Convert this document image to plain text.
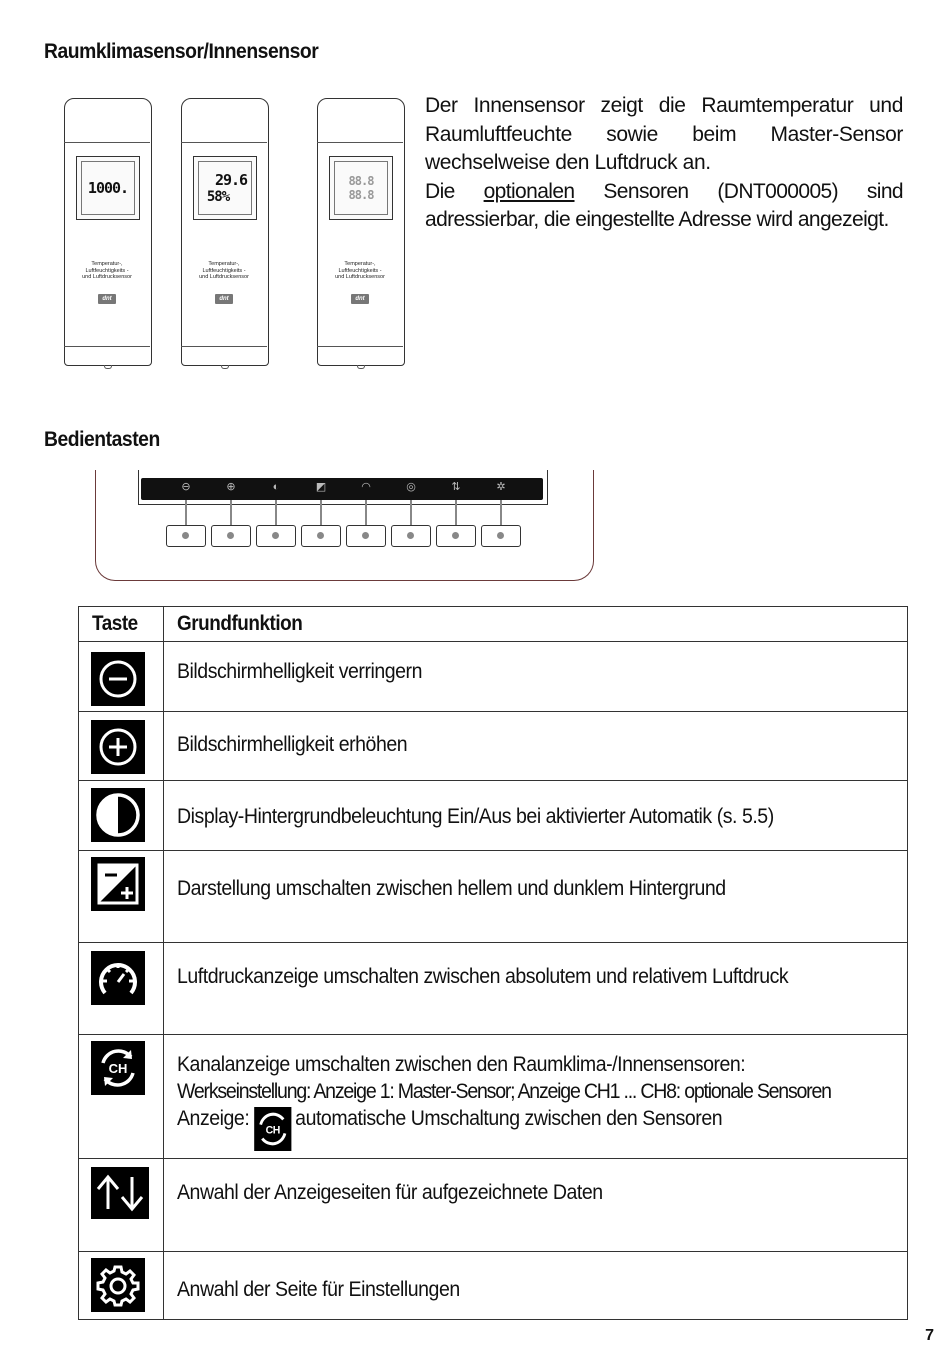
Raumklimasensor/Innensensor
1000.
Temperatur-,
Luftfeuchtigkeits -
und Luftdrucksensor
dnt
29.6
58%
Temperatur-,
Luftfeuchtigkeits -
und Luftdrucksensor
dnt
88.8
88.8
Temperatur-,
Luftfeuchtigkeits -
und Luftdrucksensor
dnt

Der Innensensor zeigt die Raumtemperatur und Raumluftfeuchte sowie beim Master-Sensor wechselweise den Luftdruck an.

Die optionalen Sensoren (DNT000005) sind adressierbar, die eingestellte Adresse wird angezeigt.

Bedientasten
⊖	⊕	◐	◩	◠	◎	⇅	✲
Taste	Grundfunktion

	Bildschirmhelligkeit verringern

	Bildschirmhelligkeit erhöhen

	Display-Hintergrundbeleuchtung Ein/Aus bei aktivierter Automatik (s. 5.5)

	Darstellung umschalten zwischen hellem und dunklem Hintergrund

	Luftdruckanzeige umschalten zwischen absolutem und relativem Luftdruck

CH	Kanalanzeige umschalten zwischen den Raumklima-/Innensensoren:
Werkseinstellung: Anzeige 1: Master-Sensor; Anzeige CH1 ... CH8: optionale Sensoren
Anzeige:
CH
automatische Umschaltung zwischen den Sensoren

	Anwahl der Anzeigeseiten für aufgezeichnete Daten

	Anwahl der Seite für Einstellungen
7
